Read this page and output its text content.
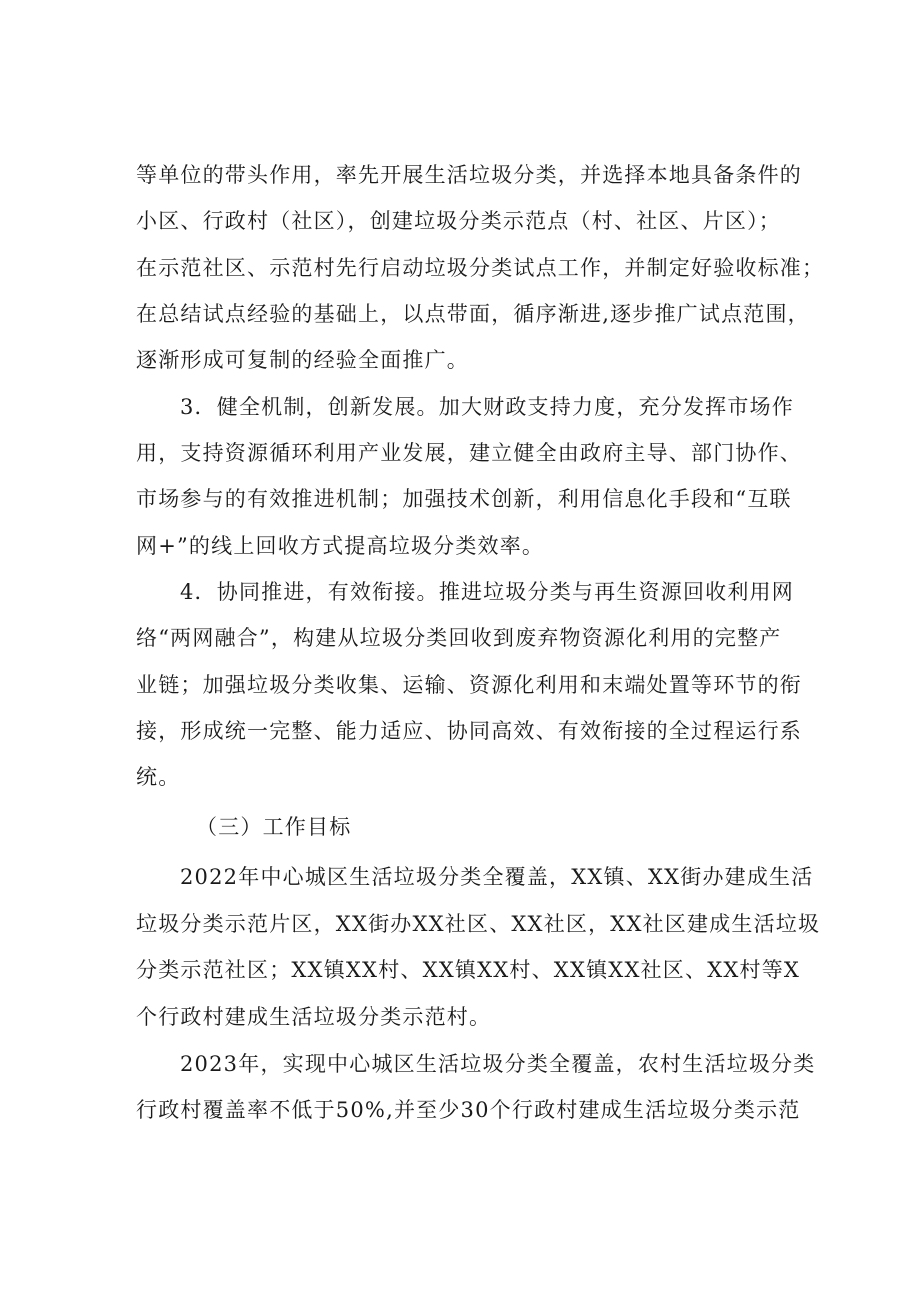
等单位的带头作用，率先开展生活垃圾分类，并选择本地具备条件的
小区、行政村（社区），创建垃圾分类示范点（村、社区、片区）；
在示范社区、示范村先行启动垃圾分类试点工作，并制定好验收标准；
在总结试点经验的基础上，以点带面，循序渐进,逐步推广试点范围，
逐渐形成可复制的经验全面推广。
3．健全机制，创新发展。加大财政支持力度，充分发挥市场作
用，支持资源循环利用产业发展，建立健全由政府主导、部门协作、
市场参与的有效推进机制；加强技术创新，利用信息化手段和“互联
网+”的线上回收方式提高垃圾分类效率。
4．协同推进，有效衔接。推进垃圾分类与再生资源回收利用网
络“两网融合”，构建从垃圾分类回收到废弃物资源化利用的完整产
业链；加强垃圾分类收集、运输、资源化利用和末端处置等环节的衔
接，形成统一完整、能力适应、协同高效、有效衔接的全过程运行系
统。
（三）工作目标
2022年中心城区生活垃圾分类全覆盖，XX镇、XX街办建成生活
垃圾分类示范片区，XX街办XX社区、XX社区，XX社区建成生活垃圾
分类示范社区；XX镇XX村、XX镇XX村、XX镇XX社区、XX村等X
个行政村建成生活垃圾分类示范村。
2023年，实现中心城区生活垃圾分类全覆盖，农村生活垃圾分类
行政村覆盖率不低于50%,并至少30个行政村建成生活垃圾分类示范
